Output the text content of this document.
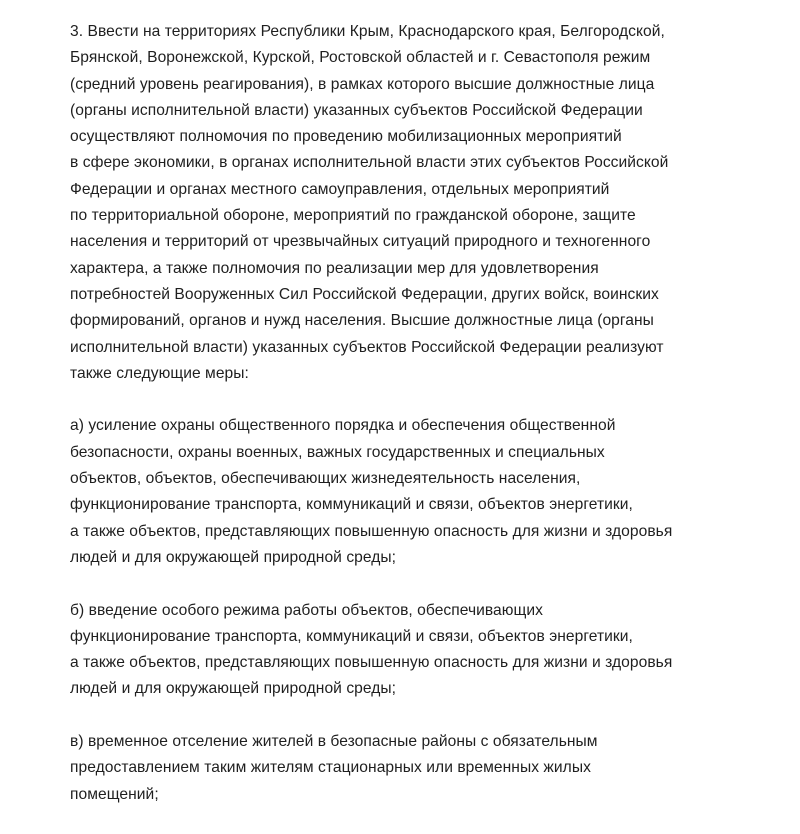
3. Ввести на территориях Республики Крым, Краснодарского края, Белгородской,
Брянской, Воронежской, Курской, Ростовской областей и г. Севастополя режим
(средний уровень реагирования), в рамках которого высшие должностные лица
(органы исполнительной власти) указанных субъектов Российской Федерации
осуществляют полномочия по проведению мобилизационных мероприятий
в сфере экономики, в органах исполнительной власти этих субъектов Российской
Федерации и органах местного самоуправления, отдельных мероприятий
по территориальной обороне, мероприятий по гражданской обороне, защите
населения и территорий от чрезвычайных ситуаций природного и техногенного
характера, а также полномочия по реализации мер для удовлетворения
потребностей Вооруженных Сил Российской Федерации, других войск, воинских
формирований, органов и нужд населения. Высшие должностные лица (органы
исполнительной власти) указанных субъектов Российской Федерации реализуют
также следующие меры:

а) усиление охраны общественного порядка и обеспечения общественной
безопасности, охраны военных, важных государственных и специальных
объектов, объектов, обеспечивающих жизнедеятельность населения,
функционирование транспорта, коммуникаций и связи, объектов энергетики,
а также объектов, представляющих повышенную опасность для жизни и здоровья
людей и для окружающей природной среды;

б) введение особого режима работы объектов, обеспечивающих
функционирование транспорта, коммуникаций и связи, объектов энергетики,
а также объектов, представляющих повышенную опасность для жизни и здоровья
людей и для окружающей природной среды;

в) временное отселение жителей в безопасные районы с обязательным
предоставлением таким жителям стационарных или временных жилых
помещений;
